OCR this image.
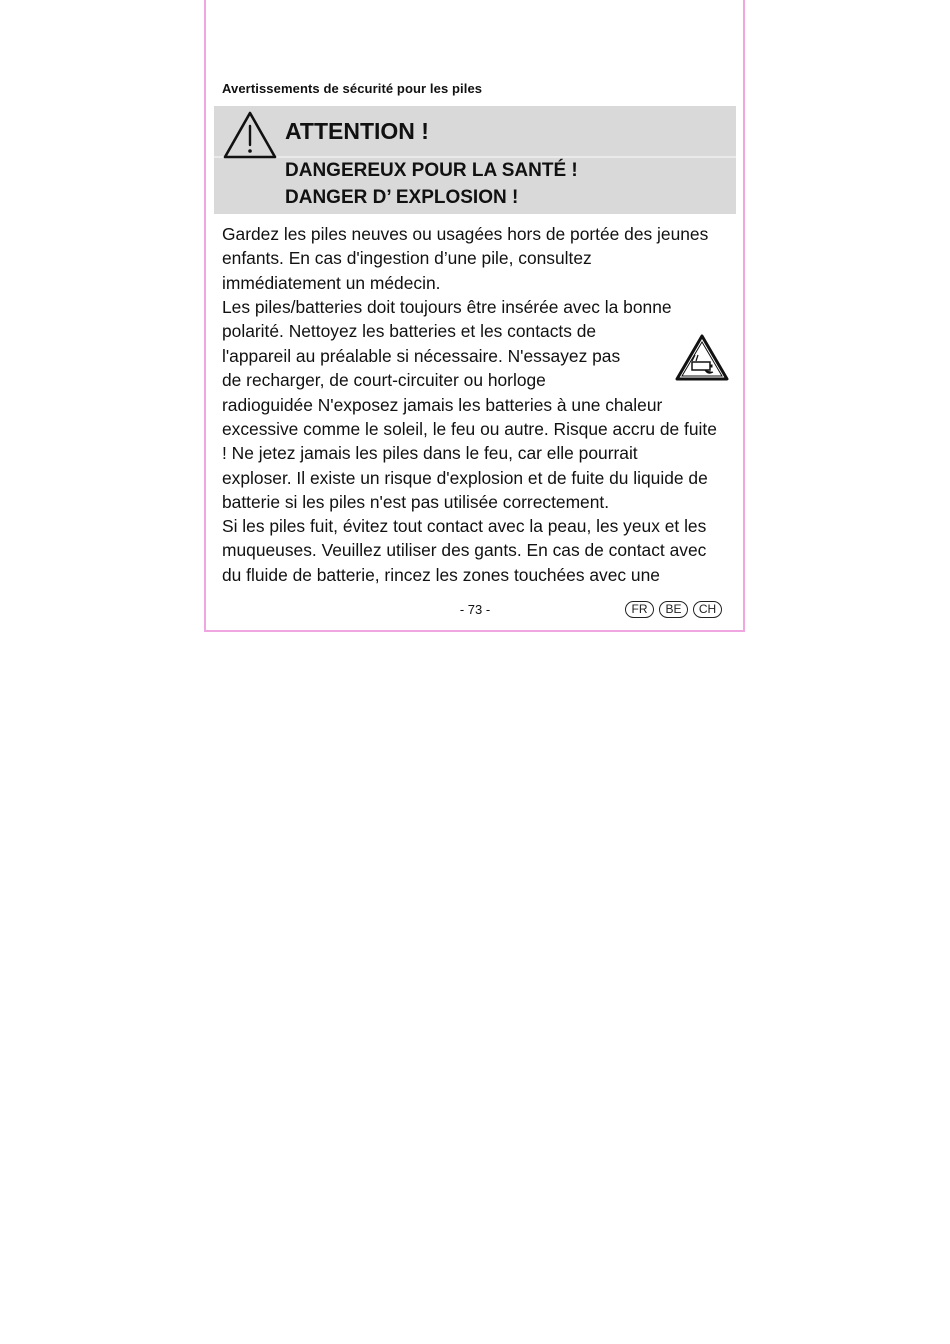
Avertissements de sécurité pour les piles
ATTENTION !
DANGEREUX POUR LA SANTÉ !
DANGER D’ EXPLOSION !
Gardez les piles neuves ou usagées hors de portée des jeunes
enfants. En cas d'ingestion d’une pile, consultez
immédiatement un médecin.
Les piles/batteries doit toujours être insérée avec la bonne
polarité. Nettoyez les batteries et les contacts de
l'appareil au préalable si nécessaire. N'essayez pas
de recharger, de court-circuiter ou horloge
radioguidée N'exposez jamais les batteries à une chaleur
excessive comme le soleil, le feu ou autre. Risque accru de fuite
! Ne jetez jamais les piles dans le feu, car elle pourrait
exploser. Il existe un risque d'explosion et de fuite du liquide de
batterie si les piles n'est pas utilisée correctement.
Si les piles fuit, évitez tout contact avec la peau, les yeux et les
muqueuses. Veuillez utiliser des gants. En cas de contact avec
du fluide de batterie, rincez les zones touchées avec une
- 73 -	FR	BE	CH
